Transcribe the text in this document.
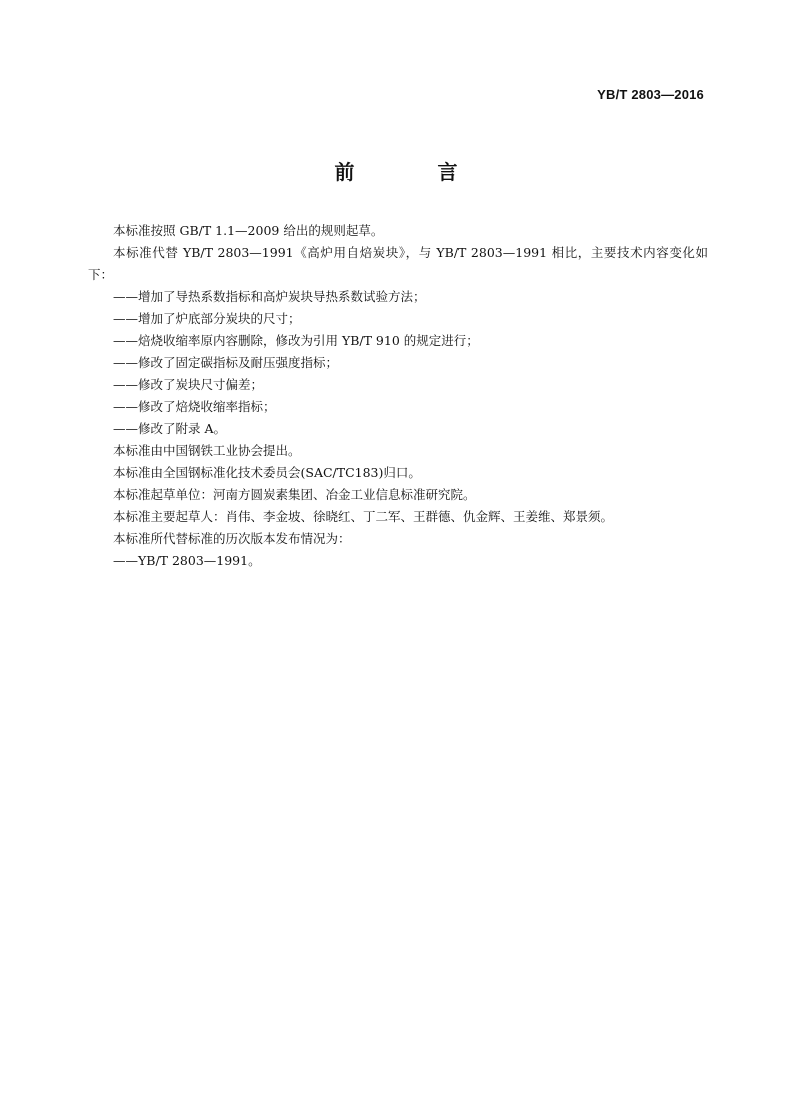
YB/T 2803—2016
前 言

本标准按照 GB/T 1.1—2009 给出的规则起草。

本标准代替 YB/T 2803—1991《高炉用自焙炭块》，与 YB/T 2803—1991 相比，主要技术内容变化如下：

——增加了导热系数指标和高炉炭块导热系数试验方法；

——增加了炉底部分炭块的尺寸；

——焙烧收缩率原内容删除，修改为引用 YB/T 910 的规定进行；

——修改了固定碳指标及耐压强度指标；

——修改了炭块尺寸偏差；

——修改了焙烧收缩率指标；

——修改了附录 A。

本标准由中国钢铁工业协会提出。

本标准由全国钢标准化技术委员会(SAC/TC183)归口。

本标准起草单位：河南方圆炭素集团、冶金工业信息标准研究院。

本标准主要起草人：肖伟、李金坡、徐晓红、丁二军、王群德、仇金辉、王姜维、郑景须。

本标准所代替标准的历次版本发布情况为：

——YB/T 2803—1991。
